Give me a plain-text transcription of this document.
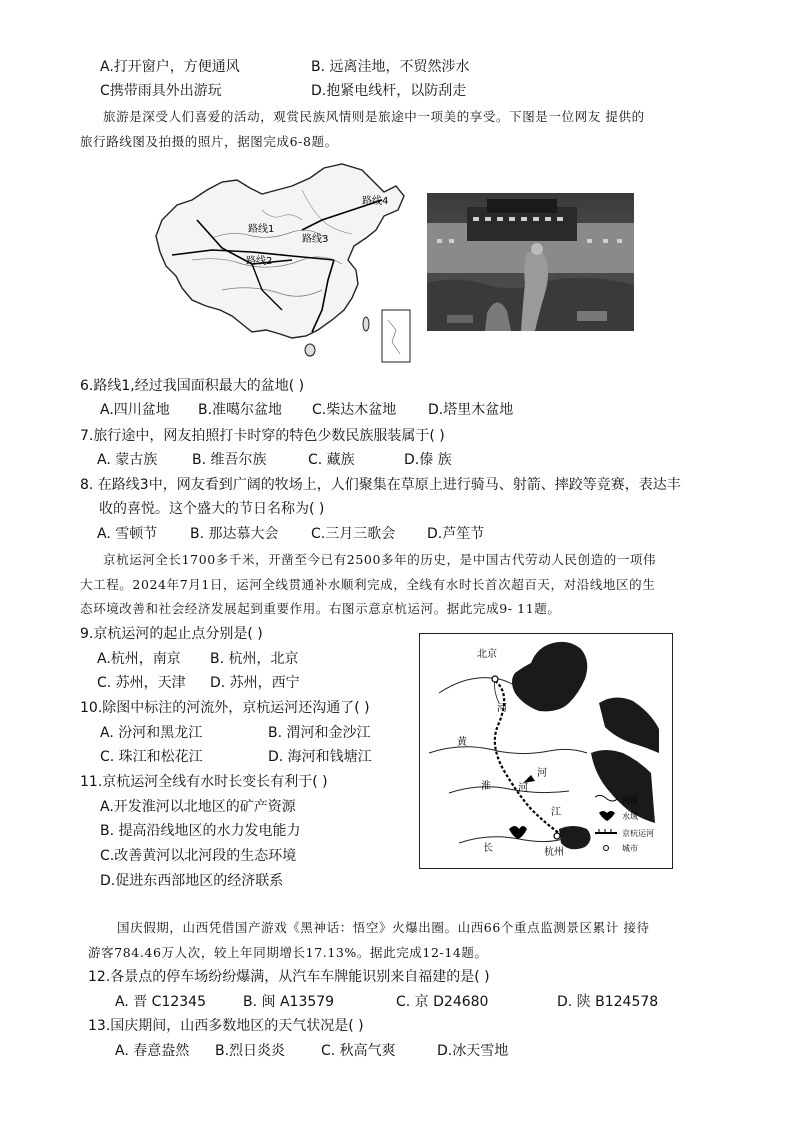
A.打开窗户，方便通风	B. 远离洼地，不贸然涉水
C携带雨具外出游玩	D.抱紧电线杆，以防刮走
旅游是深受人们喜爱的活动，观赏民族风情则是旅途中一项美的享受。下图是一位网友 提供的
旅行路线图及拍摄的照片，据图完成6-8题。
路线1
路线2
路线3
路线4
6.路线1,经过我国面积最大的盆地( )
A.四川盆地 B.准噶尔盆地 C.柴达木盆地 D.塔里木盆地
7.旅行途中，网友拍照打卡时穿的特色少数民族服装属于( )
A. 蒙古族 B. 维吾尔族	C. 藏族	D.傣 族
8. 在路线3中，网友看到广阔的牧场上，人们聚集在草原上进行骑马、射箭、摔跤等竞赛，表达丰
收的喜悦。这个盛大的节日名称为( )
A. 雪顿节 B. 那达慕大会 C.三月三歌会 D.芦笙节
京杭运河全长1700多千米，开凿至今已有2500多年的历史，是中国古代劳动人民创造的一项伟
大工程。2024年7月1日，运河全线贯通补水顺利完成，全线有水时长首次超百天，对沿线地区的生
态环境改善和社会经济发展起到重要作用。右图示意京杭运河。据此完成9- 11题。
9.京杭运河的起止点分别是( )
A.杭州，南京 B. 杭州，北京
C. 苏州，天津 D. 苏州，西宁
10.除图中标注的河流外，京杭运河还沟通了( )
A. 汾河和黑龙江	B. 渭河和金沙江
C. 珠江和松花江	D. 海河和钱塘江
11.京杭运河全线有水时长变长有利于( )
A.开发淮河以北地区的矿产资源
B. 提高沿线地区的水力发电能力
C.改善黄河以北河段的生态环境
D.促进东西部地区的经济联系
北京
杭州
河
黄
河
淮	河
江
长
河流
水域
京杭运河
城市
国庆假期，山西凭借国产游戏《黑神话：悟空》火爆出圈。山西66个重点监测景区累计 接待
游客784.46万人次，较上年同期增长17.13%。据此完成12-14题。
12.各景点的停车场纷纷爆满，从汽车车牌能识别来自福建的是( )
A. 晋 C12345	B. 闽 A13579	C. 京 D24680	D. 陕 B124578
13.国庆期间，山西多数地区的天气状况是( )
A. 春意盎然 B.烈日炎炎	C. 秋高气爽	D.冰天雪地
